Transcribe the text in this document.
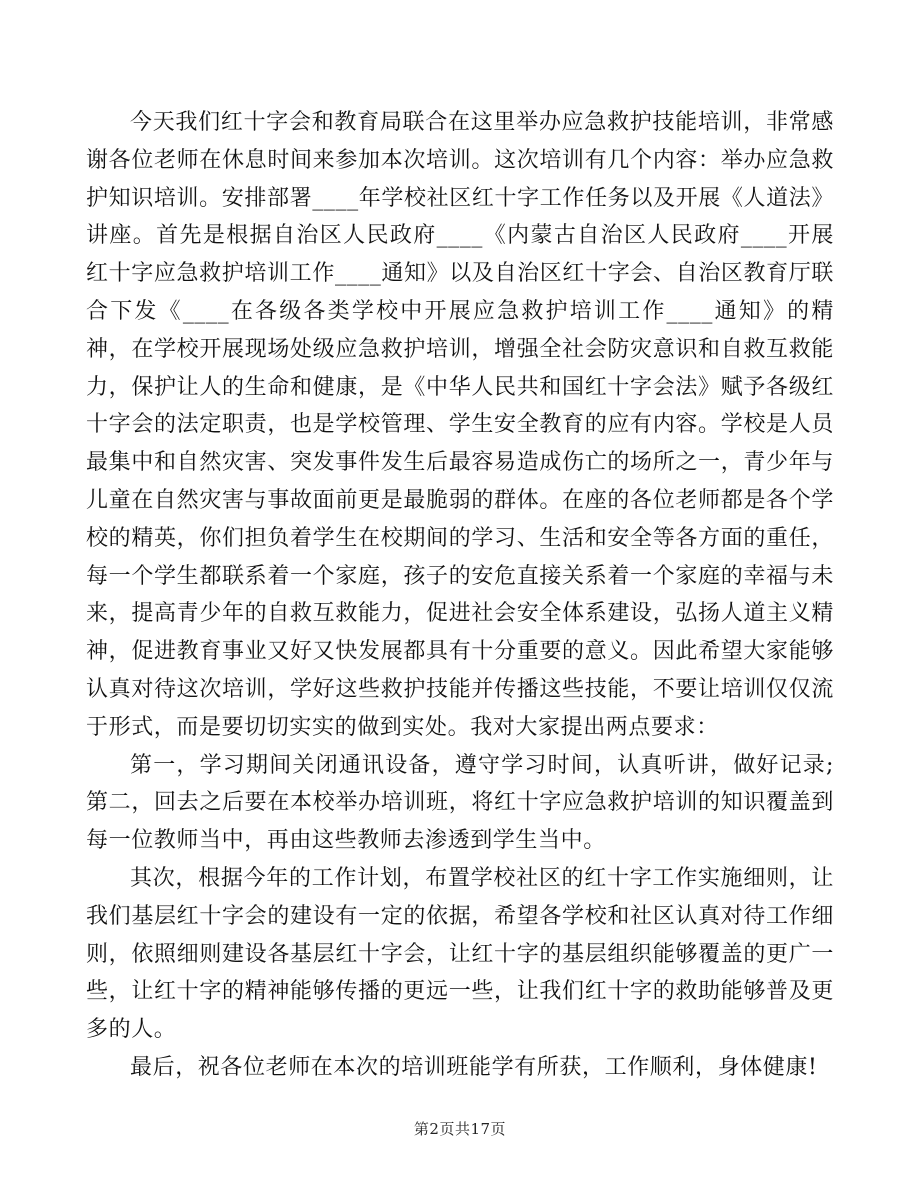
今天我们红十字会和教育局联合在这里举办应急救护技能培训，非常感谢各位老师在休息时间来参加本次培训。这次培训有几个内容：举办应急救护知识培训。安排部署____年学校社区红十字工作任务以及开展《人道法》讲座。首先是根据自治区人民政府____《内蒙古自治区人民政府____开展红十字应急救护培训工作____通知》以及自治区红十字会、自治区教育厅联合下发《____在各级各类学校中开展应急救护培训工作____通知》的精神，在学校开展现场处级应急救护培训，增强全社会防灾意识和自救互救能力，保护让人的生命和健康，是《中华人民共和国红十字会法》赋予各级红十字会的法定职责，也是学校管理、学生安全教育的应有内容。学校是人员最集中和自然灾害、突发事件发生后最容易造成伤亡的场所之一，青少年与儿童在自然灾害与事故面前更是最脆弱的群体。在座的各位老师都是各个学校的精英，你们担负着学生在校期间的学习、生活和安全等各方面的重任，每一个学生都联系着一个家庭，孩子的安危直接关系着一个家庭的幸福与未来，提高青少年的自救互救能力，促进社会安全体系建设，弘扬人道主义精神，促进教育事业又好又快发展都具有十分重要的意义。因此希望大家能够认真对待这次培训，学好这些救护技能并传播这些技能，不要让培训仅仅流于形式，而是要切切实实的做到实处。我对大家提出两点要求：

第一，学习期间关闭通讯设备，遵守学习时间，认真听讲，做好记录;第二，回去之后要在本校举办培训班，将红十字应急救护培训的知识覆盖到每一位教师当中，再由这些教师去渗透到学生当中。

其次，根据今年的工作计划，布置学校社区的红十字工作实施细则，让我们基层红十字会的建设有一定的依据，希望各学校和社区认真对待工作细则，依照细则建设各基层红十字会，让红十字的基层组织能够覆盖的更广一些，让红十字的精神能够传播的更远一些，让我们红十字的救助能够普及更多的人。

最后，祝各位老师在本次的培训班能学有所获，工作顺利，身体健康!

第2页共17页
